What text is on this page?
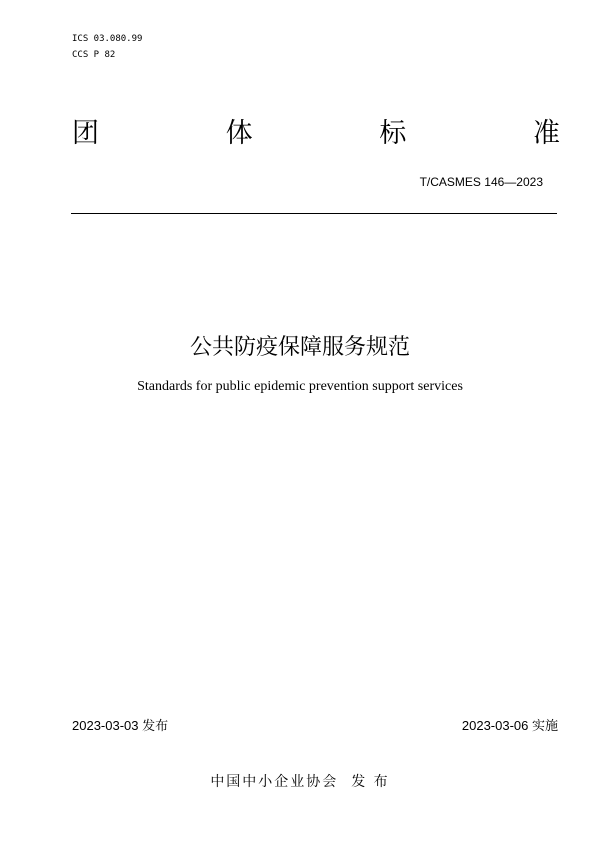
ICS 03.080.99
CCS P 82
团	体	标	准
T/CASMES 146—2023
公共防疫保障服务规范
Standards for public epidemic prevention support services
2023-03-03 发布	2023-03-06 实施
中国中小企业协会  发 布
